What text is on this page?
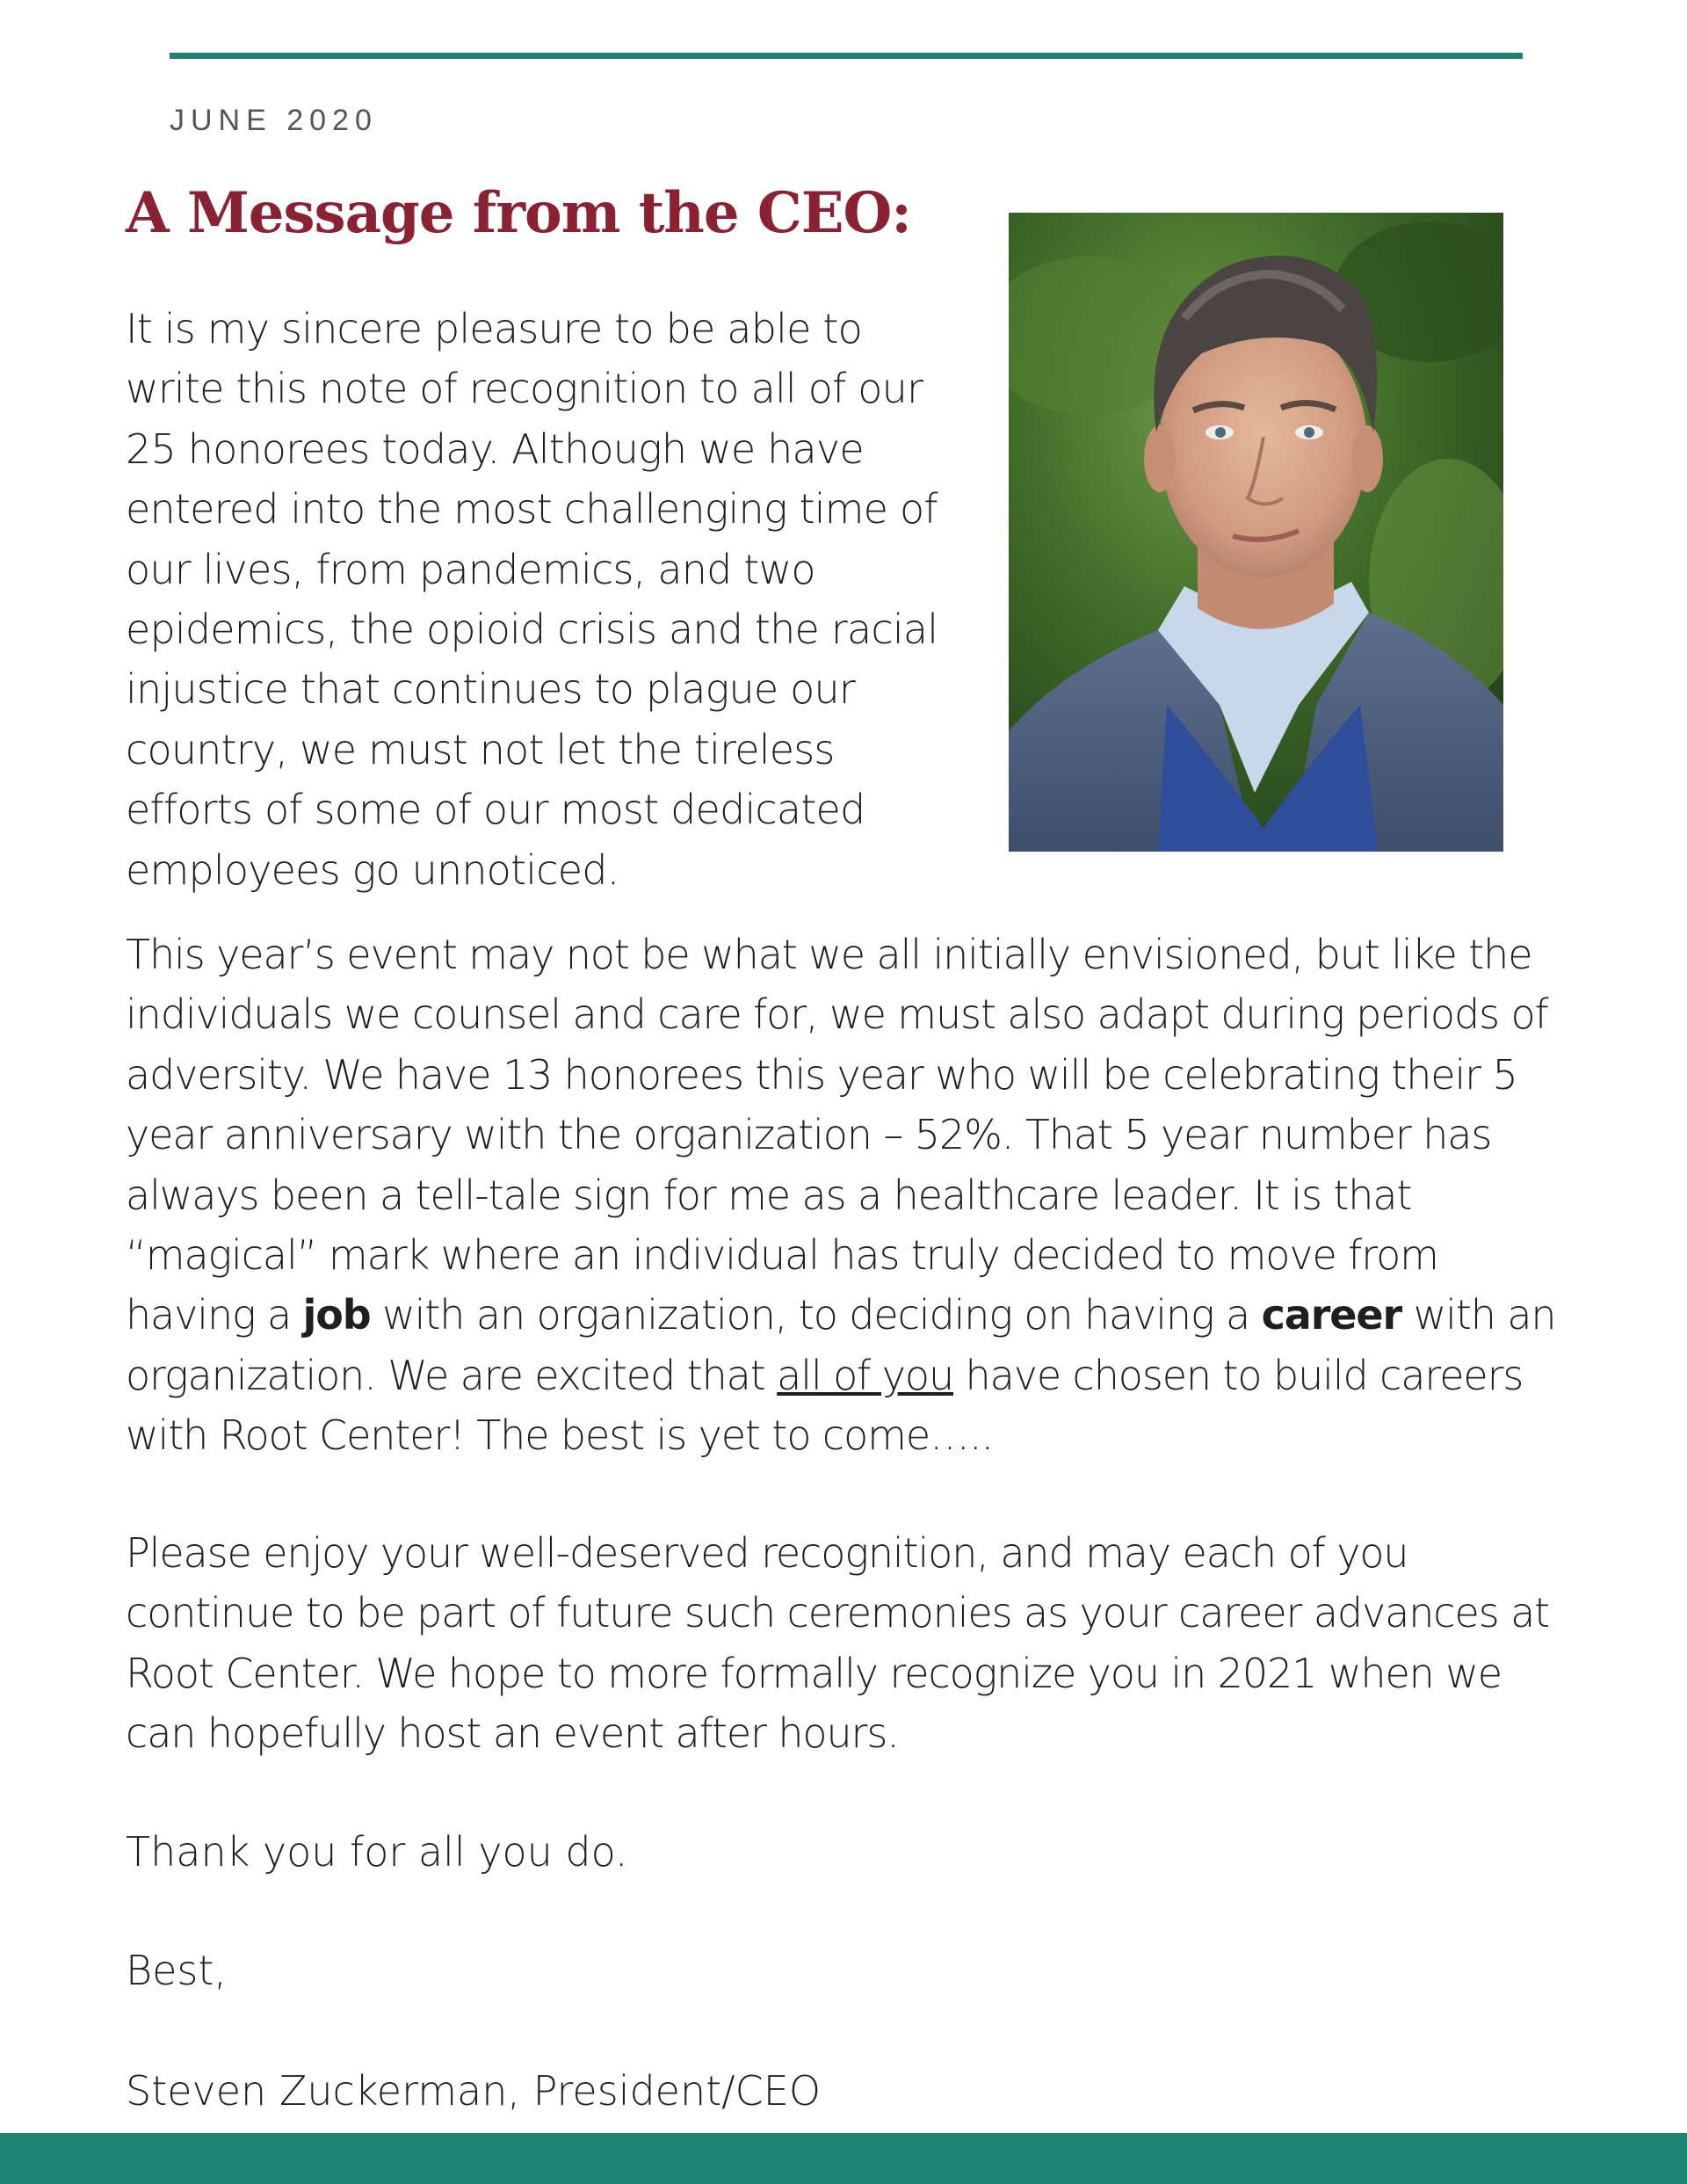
JUNE 2020
A Message from the CEO:

It is my sincere pleasure to be able to write this note of recognition to all of our 25 honorees today. Although we have entered into the most challenging time of our lives, from pandemics, and two epidemics, the opioid crisis and the racial injustice that continues to plague our country, we must not let the tireless efforts of some of our most dedicated employees go unnoticed.

This year’s event may not be what we all initially envisioned, but like the individuals we counsel and care for, we must also adapt during periods of adversity. We have 13 honorees this year who will be celebrating their 5 year anniversary with the organization – 52%. That 5 year number has always been a tell-tale sign for me as a healthcare leader. It is that “magical” mark where an individual has truly decided to move from having a job with an organization, to deciding on having a career with an organization. We are excited that all of you have chosen to build careers with Root Center! The best is yet to come…..

Please enjoy your well-deserved recognition, and may each of you continue to be part of future such ceremonies as your career advances at Root Center. We hope to more formally recognize you in 2021 when we can hopefully host an event after hours.

Thank you for all you do.

Best,

Steven Zuckerman, President/CEO
